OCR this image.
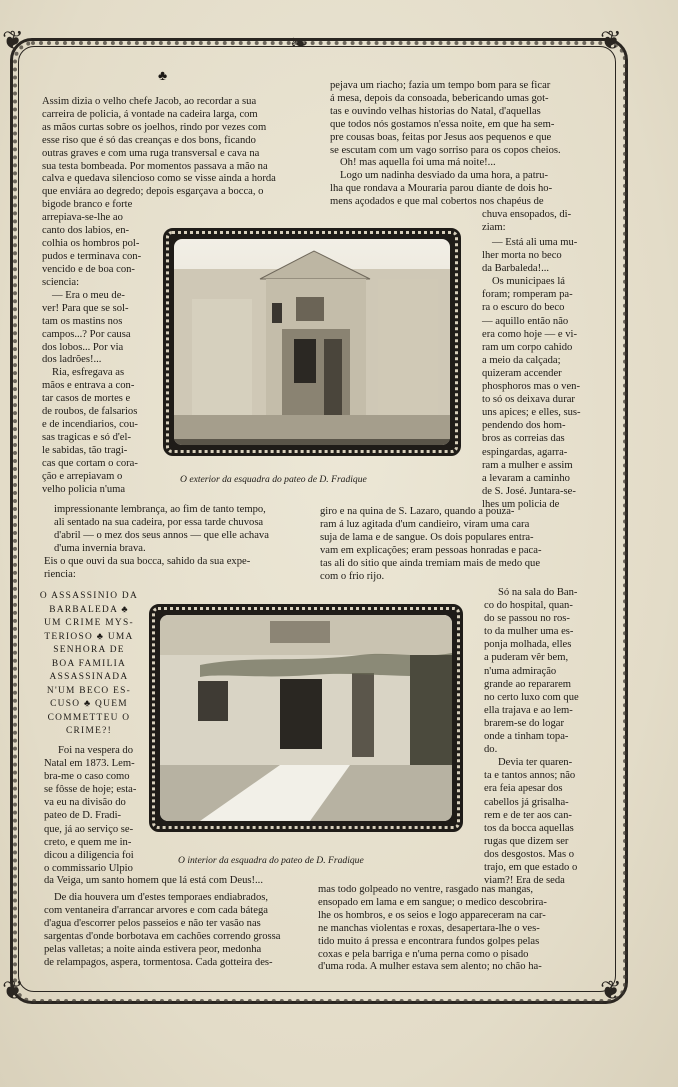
❦	❦
❦	❦
❧
♣
Assim dizia o velho chefe Jacob, ao recordar a sua
carreira de policia, á vontade na cadeira larga, com
as mãos curtas sobre os joelhos, rindo por vezes com
esse riso que é só das creanças e dos bons, ficando
outras graves e com uma ruga transversal e cava na
sua testa bombeada. Por momentos passava a mão na
calva e quedava silencioso como se visse ainda a horda
que enviára ao degredo; depois esgarçava a bocca, o
bigode branco e forte
arrepiava-se-lhe ao
canto dos labios, en-
colhia os hombros pol-
pudos e terminava con-
vencido e de boa con-
sciencia:
— Era o meu de-
ver! Para que se sol-
tam os mastins nos
campos...? Por causa
dos lobos... Por via
dos ladrões!...
Ria, esfregava as
mãos e entrava a con-
tar casos de mortes e
de roubos, de falsarios
e de incendiarios, cou-
sas tragicas e só d'el-
le sabidas, tão tragi-
cas que cortam o cora-
ção e arrepiavam o
velho policia n'uma
O exterior da esquadra do pateo de D. Fradique
pejava um riacho; fazia um tempo bom para se ficar
á mesa, depois da consoada, bebericando umas got-
tas e ouvindo velhas historias do Natal, d'aquellas
que todos nós gostamos n'essa noite, em que ha sem-
pre cousas boas, feitas por Jesus aos pequenos e que
se escutam com um vago sorriso para os copos cheios.
Oh! mas aquella foi uma má noite!...
Logo um nadinha desviado da uma hora, a patru-
lha que rondava a Mouraria parou diante de dois ho-
mens açodados e que mal cobertos nos chapéus de
chuva ensopados, di-
ziam:
— Está ali uma mu-
lher morta no beco
da Barbaleda!...
Os municipaes lá
foram; romperam pa-
ra o escuro do beco
— aquillo então não
era como hoje — e vi-
ram um corpo cahido
a meio da calçada;
quizeram accender
phosphoros mas o ven-
to só os deixava durar
uns apices; e elles, sus-
pendendo dos hom-
bros as correias das
espingardas, agarra-
ram a mulher e assim
a levaram a caminho
de S. José. Juntara-se-
lhes um policia de
impressionante lembrança, ao fim de tanto tempo,
ali sentado na sua cadeira, por essa tarde chuvosa
d'abril — o mez dos seus annos — que elle achava
d'uma invernia brava.
Eis o que ouvi da sua bocca, sahido da sua expe-
riencia:
giro e na quina de S. Lazaro, quando a pouza-
ram á luz agitada d'um candieiro, viram uma cara
suja de lama e de sangue. Os dois populares entra-
vam em explicações; eram pessoas honradas e paca-
tas ali do sitio que ainda tremiam mais de medo que
com o frio rijo.
O ASSASSINIO DA
BARBALEDA ♣
UM CRIME MYS-
TERIOSO ♣ UMA
SENHORA DE
BOA FAMILIA
ASSASSINADA
N'UM BECO ES-
CUSO ♣ QUEM
COMMETTEU O
CRIME?!
O interior da esquadra do pateo de D. Fradique
Foi na vespera do
Natal em 1873. Lem-
bra-me o caso como
se fôsse de hoje; esta-
va eu na divisão do
pateo de D. Fradi-
que, já ao serviço se-
creto, e quem me in-
dicou a diligencia foi
o commissario Ulpio
da Veiga, um santo homem que lá está com Deus!...
De dia houvera um d'estes temporaes endiabrados,
com ventaneira d'arrancar arvores e com cada bátega
d'agua d'escorrer pelos passeios e não ter vasão nas
sargentas d'onde borbotava em cachões correndo grossa
pelas valletas; a noite ainda estivera peor, medonha
de relampagos, aspera, tormentosa. Cada gotteira des-
Só na sala do Ban-
co do hospital, quan-
do se passou no ros-
to da mulher uma es-
ponja molhada, elles
a puderam vêr bem,
n'uma admiração
grande ao repararem
no certo luxo com que
ella trajava e ao lem-
brarem-se do logar
onde a tinham topa-
do.
Devia ter quaren-
ta e tantos annos; não
era feia apesar dos
cabellos já grisalha-
rem e de ter aos can-
tos da bocca aquellas
rugas que dizem ser
dos desgostos. Mas o
trajo, em que estado o
viam?! Era de seda
mas todo golpeado no ventre, rasgado nas mangas,
ensopado em lama e em sangue; o medico descobrira-
lhe os hombros, e os seios e logo appareceram na car-
ne manchas violentas e roxas, desapertara-lhe o ves-
tido muito á pressa e encontrara fundos golpes pelas
coxas e pela barriga e n'uma perna como o pisado
d'uma roda. A mulher estava sem alento; no chão ha-
